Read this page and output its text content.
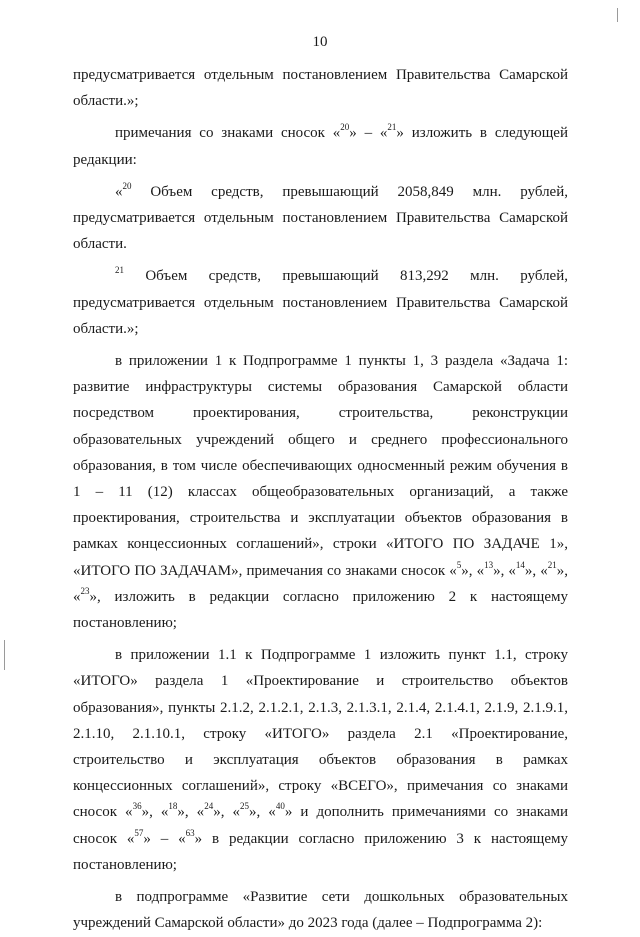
10

предусматривается отдельным постановлением Правительства Самарской области.»;

примечания со знаками сносок «$^{20}$» – «$^{21}$» изложить в следующей редакции:

«$^{20}$ Объем средств, превышающий 2058,849 млн. рублей, предусматривается отдельным постановлением Правительства Самарской области.

$^{21}$ Объем средств, превышающий 813,292 млн. рублей, предусматривается отдельным постановлением Правительства Самарской области.»;

в приложении 1 к Подпрограмме 1 пункты 1, 3 раздела «Задача 1: развитие инфраструктуры системы образования Самарской области посредством проектирования, строительства, реконструкции образовательных учреждений общего и среднего профессионального образования, в том числе обеспечивающих односменный режим обучения в 1 – 11 (12) классах общеобразовательных организаций, а также проектирования, строительства и эксплуатации объектов образования в рамках концессионных соглашений», строки «ИТОГО ПО ЗАДАЧЕ 1», «ИТОГО ПО ЗАДАЧАМ», примечания со знаками сносок «$^5$», «$^{13}$», «$^{14}$», «$^{21}$», «$^{23}$», изложить в редакции согласно приложению 2 к настоящему постановлению;

в приложении 1.1 к Подпрограмме 1 изложить пункт 1.1, строку «ИТОГО» раздела 1 «Проектирование и строительство объектов образования», пункты 2.1.2, 2.1.2.1, 2.1.3, 2.1.3.1, 2.1.4, 2.1.4.1, 2.1.9, 2.1.9.1, 2.1.10, 2.1.10.1, строку «ИТОГО» раздела 2.1 «Проектирование, строительство и эксплуатация объектов образования в рамках концессионных соглашений», строку «ВСЕГО», примечания со знаками сносок «$^{36}$», «$^{18}$», «$^{24}$», «$^{25}$», «$^{40}$» и дополнить примечаниями со знаками сносок «$^{57}$» – «$^{63}$» в редакции согласно приложению 3 к настоящему постановлению;

в подпрограмме «Развитие сети дошкольных образовательных учреждений Самарской области» до 2023 года (далее – Подпрограмма 2):
